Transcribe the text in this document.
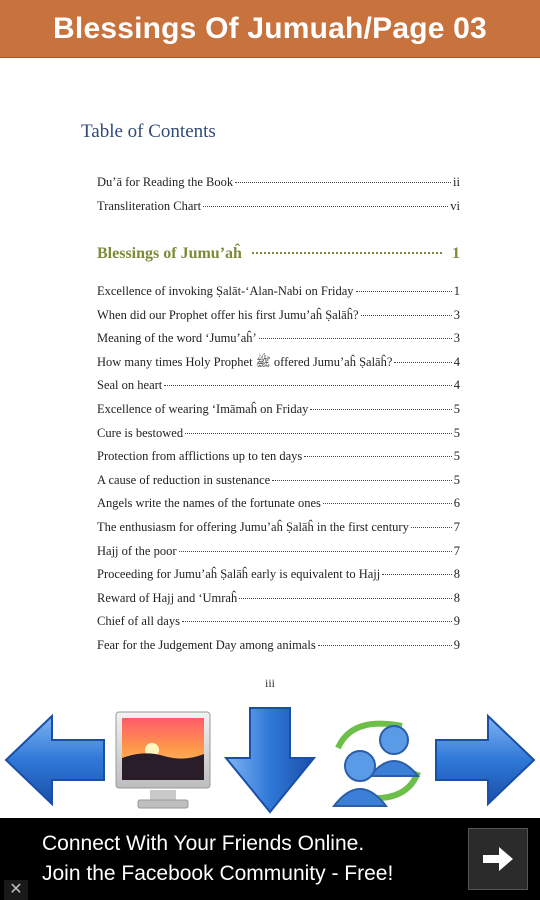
Blessings Of Jumuah/Page 03
Table of Contents
Du’ā for Reading the Book	ii
Transliteration Chart	vi
Blessings of Jumu’aĥ	1
Excellence of invoking Ṣalāt-‘Alan-Nabi on Friday	1
When did our Prophet offer his first Jumu’aĥ Ṣalāĥ?	3
Meaning of the word ‘Jumu’aĥ’	3
How many times Holy Prophet ﷺ offered Jumu’aĥ Ṣalāĥ?	4
Seal on heart	4
Excellence of wearing ‘Imāmaĥ on Friday	5
Cure is bestowed	5
Protection from afflictions up to ten days	5
A cause of reduction in sustenance	5
Angels write the names of the fortunate ones	6
The enthusiasm for offering Jumu’aĥ Ṣalāĥ in the first century	7
Hajj of the poor	7
Proceeding for Jumu’aĥ Ṣalāĥ early is equivalent to Hajj	8
Reward of Hajj and ‘Umraĥ	8
Chief of all days	9
Fear for the Judgement Day among animals	9
iii
Connect With Your Friends Online.
Join the Facebook Community - Free!
✕
